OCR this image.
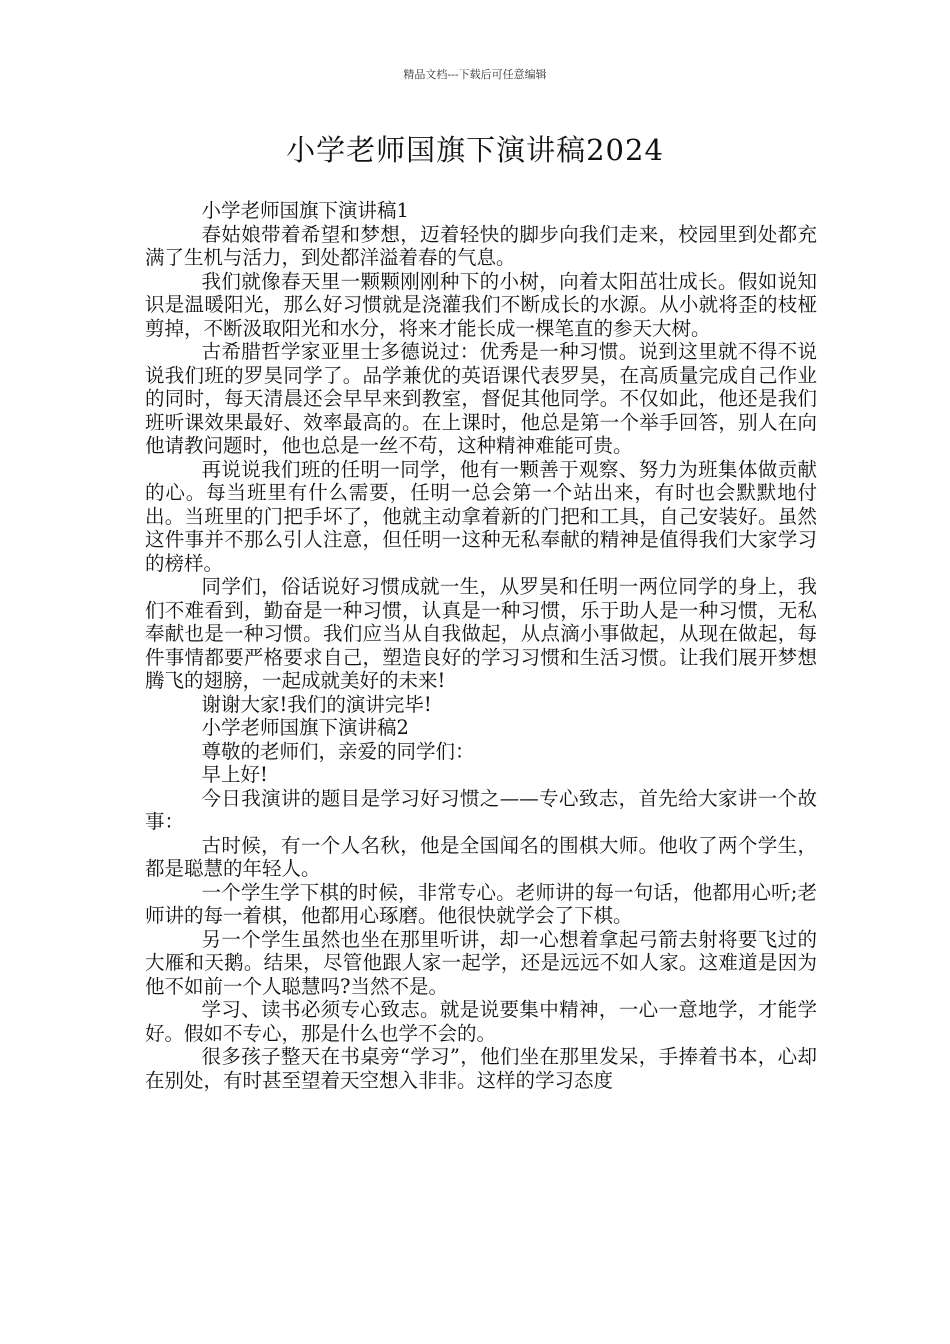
精品文档---下载后可任意编辑
小学老师国旗下演讲稿2024

小学老师国旗下演讲稿1

春姑娘带着希望和梦想，迈着轻快的脚步向我们走来，校园里到处都充满了生机与活力，到处都洋溢着春的气息。

我们就像春天里一颗颗刚刚种下的小树，向着太阳茁壮成长。假如说知识是温暖阳光，那么好习惯就是浇灌我们不断成长的水源。从小就将歪的枝桠剪掉，不断汲取阳光和水分，将来才能长成一棵笔直的参天大树。

古希腊哲学家亚里士多德说过：优秀是一种习惯。说到这里就不得不说说我们班的罗昊同学了。品学兼优的英语课代表罗昊，在高质量完成自己作业的同时，每天清晨还会早早来到教室，督促其他同学。不仅如此，他还是我们班听课效果最好、效率最高的。在上课时，他总是第一个举手回答，别人在向他请教问题时，他也总是一丝不苟，这种精神难能可贵。

再说说我们班的任明一同学，他有一颗善于观察、努力为班集体做贡献的心。每当班里有什么需要，任明一总会第一个站出来，有时也会默默地付出。当班里的门把手坏了，他就主动拿着新的门把和工具，自己安装好。虽然这件事并不那么引人注意，但任明一这种无私奉献的精神是值得我们大家学习的榜样。

同学们，俗话说好习惯成就一生，从罗昊和任明一两位同学的身上，我们不难看到，勤奋是一种习惯，认真是一种习惯，乐于助人是一种习惯，无私奉献也是一种习惯。我们应当从自我做起，从点滴小事做起，从现在做起，每件事情都要严格要求自己，塑造良好的学习习惯和生活习惯。让我们展开梦想腾飞的翅膀，一起成就美好的未来!

谢谢大家!我们的演讲完毕!

小学老师国旗下演讲稿2

尊敬的老师们，亲爱的同学们：

早上好!

今日我演讲的题目是学习好习惯之——专心致志，首先给大家讲一个故事：

古时候，有一个人名秋，他是全国闻名的围棋大师。他收了两个学生，都是聪慧的年轻人。

一个学生学下棋的时候，非常专心。老师讲的每一句话，他都用心听;老师讲的每一着棋，他都用心琢磨。他很快就学会了下棋。

另一个学生虽然也坐在那里听讲，却一心想着拿起弓箭去射将要飞过的大雁和天鹅。结果，尽管他跟人家一起学，还是远远不如人家。这难道是因为他不如前一个人聪慧吗?当然不是。

学习、读书必须专心致志。就是说要集中精神，一心一意地学，才能学好。假如不专心，那是什么也学不会的。

很多孩子整天在书桌旁“学习”，他们坐在那里发呆，手捧着书本，心却在别处，有时甚至望着天空想入非非。这样的学习态度
